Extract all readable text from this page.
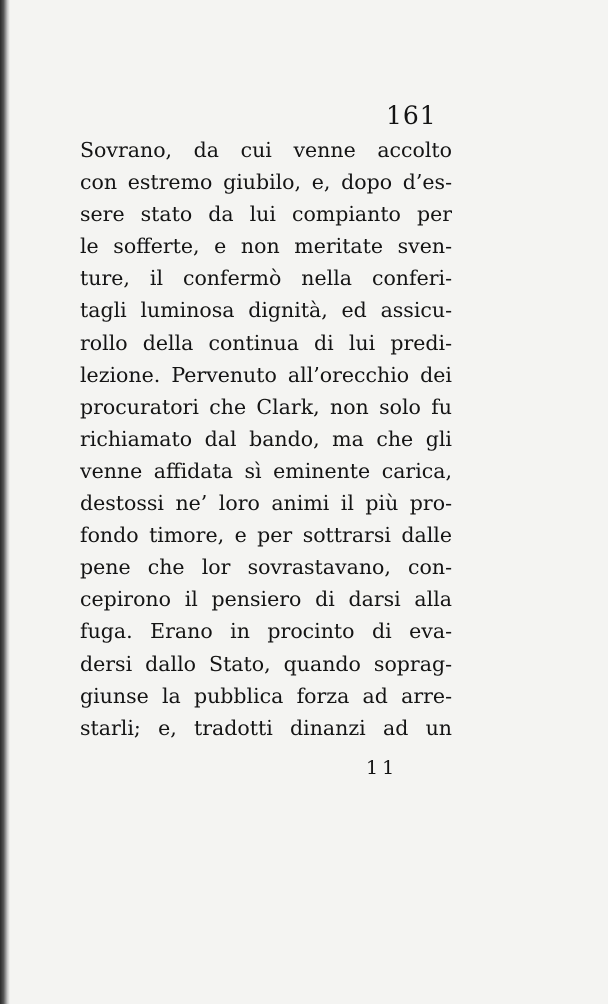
161
Sovrano, da cui venne accolto
con estremo giubilo, e, dopo d’es-
sere stato da lui compianto per
le sofferte, e non meritate sven-
ture, il confermò nella conferi-
tagli luminosa dignità, ed assicu-
rollo della continua di lui predi-
lezione. Pervenuto all’orecchio dei
procuratori che Clark, non solo fu
richiamato dal bando, ma che gli
venne affidata sì eminente carica,
destossi ne’ loro animi il più pro-
fondo timore, e per sottrarsi dalle
pene che lor sovrastavano, con-
cepirono il pensiero di darsi alla
fuga. Erano in procinto di eva-
dersi dallo Stato, quando soprag-
giunse la pubblica forza ad arre-
starli; e, tradotti dinanzi ad un
11
